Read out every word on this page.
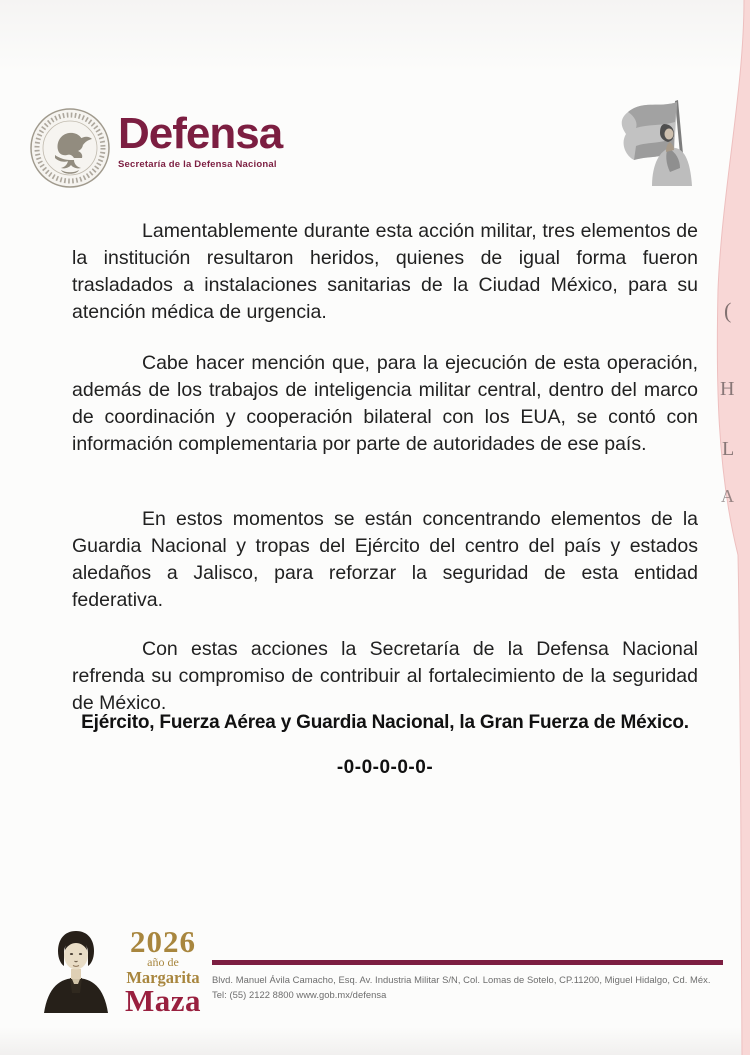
(
H
L
A
Defensa
Secretaría de la Defensa Nacional

Lamentablemente durante esta acción militar, tres elementos de la institución resultaron heridos, quienes de igual forma fueron trasladados a instalaciones sanitarias de la Ciudad México, para su atención médica de urgencia.

Cabe hacer mención que, para la ejecución de esta operación, además de los trabajos de inteligencia militar central, dentro del marco de coordinación y cooperación bilateral con los EUA, se contó con información complementaria por parte de autoridades de ese país.

En estos momentos se están concentrando elementos de la Guardia Nacional y tropas del Ejército del centro del país y estados aledaños a Jalisco, para reforzar la seguridad de esta entidad federativa.

Con estas acciones la Secretaría de la Defensa Nacional refrenda su compromiso de contribuir al fortalecimiento de la seguridad de México.

Ejército, Fuerza Aérea y Guardia Nacional, la Gran Fuerza de México.
-0-0-0-0-0-
2026
año de
Margarita
Maza
Blvd. Manuel Ávila Camacho, Esq. Av. Industria Militar S/N, Col. Lomas de Sotelo, CP.11200, Miguel Hidalgo, Cd. Méx.
Tel: (55) 2122 8800 www.gob.mx/defensa
